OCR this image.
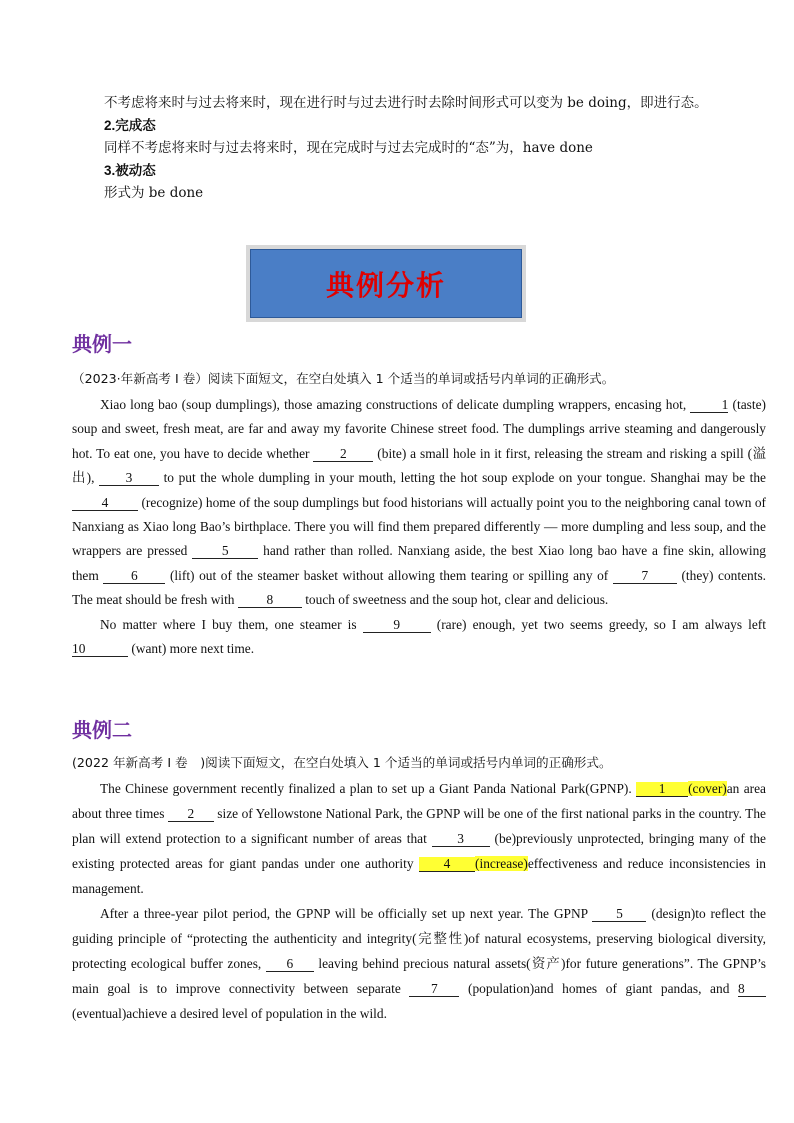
不考虑将来时与过去将来时，现在进行时与过去进行时去除时间形式可以变为 be doing，即进行态。

2.完成态

同样不考虑将来时与过去将来时，现在完成时与过去完成时的“态”为，have done

3.被动态

形式为 be done

典例分析
典例一

（2023·年新高考 I 卷）阅读下面短文，在空白处填入 1 个适当的单词或括号内单词的正确形式。

Xiao long bao (soup dumplings), those amazing constructions of delicate dumpling wrappers, encasing hot, 1 (taste) soup and sweet, fresh meat, are far and away my favorite Chinese street food. The dumplings arrive steaming and dangerously hot. To eat one, you have to decide whether 2 (bite) a small hole in it first, releasing the stream and risking a spill (溢出), 3 to put the whole dumpling in your mouth, letting the hot soup explode on your tongue. Shanghai may be the 4 (recognize) home of the soup dumplings but food historians will actually point you to the neighboring canal town of Nanxiang as Xiao long Bao’s birthplace. There you will find them prepared differently — more dumpling and less soup, and the wrappers are pressed 5 hand rather than rolled. Nanxiang aside, the best Xiao long bao have a fine skin, allowing them 6 (lift) out of the steamer basket without allowing them tearing or spilling any of 7 (they) contents. The meat should be fresh with 8 touch of sweetness and the soup hot, clear and delicious.

No matter where I buy them, one steamer is 9 (rare) enough, yet two seems greedy, so I am always left 10	(want) more next time.

典例二

(2022 年新高考 I 卷　)阅读下面短文，在空白处填入 1 个适当的单词或括号内单词的正确形式。

The Chinese government recently finalized a plan to set up a Giant Panda National Park(GPNP). 1 (cover)an area about three times 2 size of Yellowstone National Park, the GPNP will be one of the first national parks in the country. The plan will extend protection to a significant number of areas that 3 (be)previously unprotected, bringing many of the existing protected areas for giant pandas under one authority 4 (increase)effectiveness and reduce inconsistencies in management.

After a three-year pilot period, the GPNP will be officially set up next year. The GPNP 5 (design)to reflect the guiding principle of “protecting the authenticity and integrity(完整性)of natural ecosystems, preserving biological diversity, protecting ecological buffer zones, 6 leaving behind precious natural assets(资产)for future generations”. The GPNP’s main goal is to improve connectivity between separate 7 (population)and homes of giant pandas, and 8 (eventual)achieve a desired level of population in the wild.
